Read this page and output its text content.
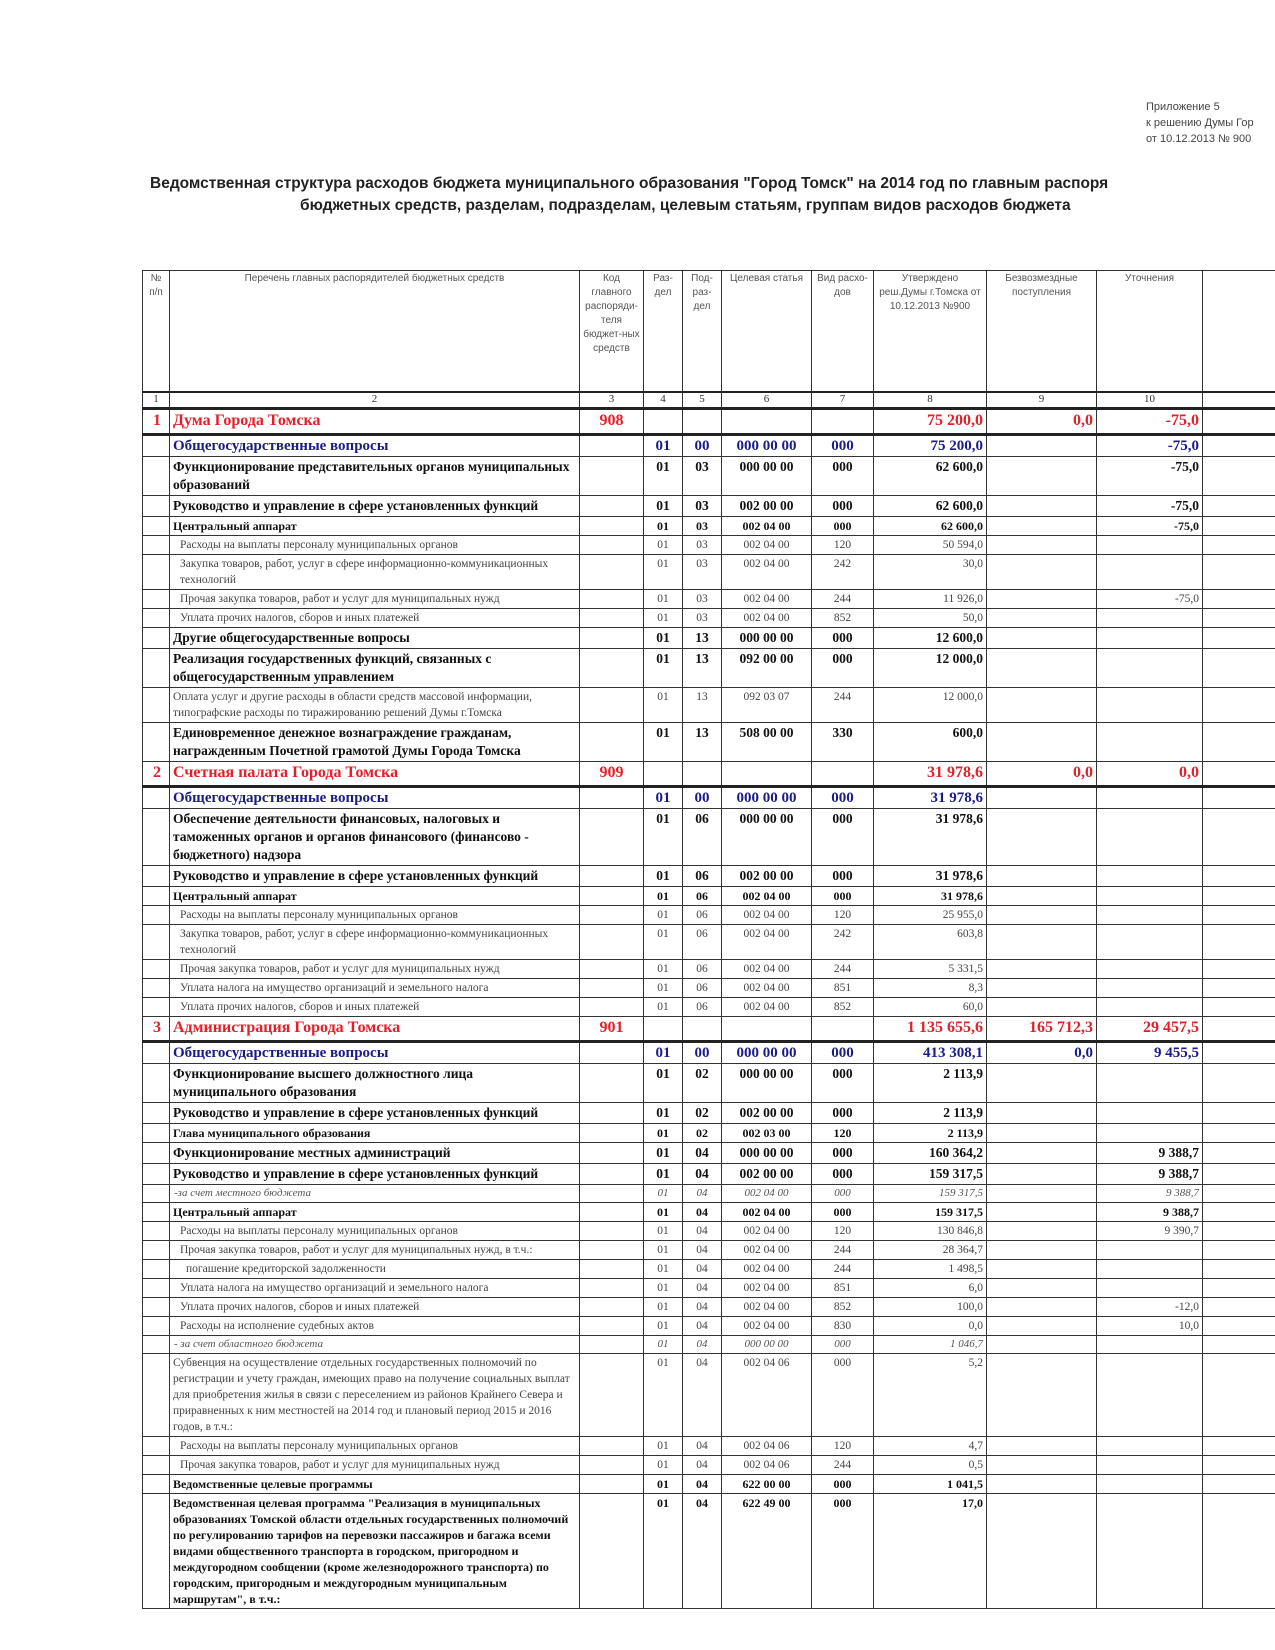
Приложение 5
к решению Думы Гор
от 10.12.2013 № 900
Ведомственная структура расходов бюджета муниципального образования "Город Томск" на 2014 год по главным распоря
бюджетных средств, разделам, подразделам, целевым статьям, группам видов расходов бюджета
№ п/п	Перечень главных распорядителей бюджетных средств	Код главного распоряди-теля бюджет-ных средств	Раз-дел	Под-раз-дел	Целевая статья	Вид расхо-дов	Утверждено реш.Думы г.Томска от 10.12.2013 №900	Безвозмездные поступления	Уточнения	
1	2	3	4	5	6	7	8	9	10	
1	Дума Города Томска	908					75 200,0	0,0	-75,0	
	Общегосударственные вопросы		01	00	000 00 00	000	75 200,0		-75,0	
	Функционирование представительных органов муниципальных образований		01	03	000 00 00	000	62 600,0		-75,0	
	Руководство и управление в сфере установленных функций		01	03	002 00 00	000	62 600,0		-75,0	
	Центральный аппарат		01	03	002 04 00	000	62 600,0		-75,0	
	Расходы на выплаты персоналу муниципальных органов		01	03	002 04 00	120	50 594,0			
	Закупка товаров, работ, услуг в сфере информационно-коммуникационных технологий		01	03	002 04 00	242	30,0			
	Прочая закупка товаров, работ и услуг для муниципальных нужд		01	03	002 04 00	244	11 926,0		-75,0	
	Уплата прочих налогов, сборов и иных платежей		01	03	002 04 00	852	50,0			
	Другие общегосударственные вопросы		01	13	000 00 00	000	12 600,0			
	Реализация государственных функций, связанных с общегосударственным управлением		01	13	092 00 00	000	12 000,0			
	Оплата услуг и другие расходы в области средств массовой информации, типографские расходы по тиражированию решений Думы г.Томска		01	13	092 03 07	244	12 000,0			
	Единовременное денежное вознаграждение гражданам, награжденным Почетной грамотой Думы Города Томска		01	13	508 00 00	330	600,0			
2	Счетная палата Города Томска	909					31 978,6	0,0	0,0	
	Общегосударственные вопросы		01	00	000 00 00	000	31 978,6			
	Обеспечение деятельности финансовых, налоговых и таможенных органов и органов финансового (финансово - бюджетного) надзора		01	06	000 00 00	000	31 978,6			
	Руководство и управление в сфере установленных функций		01	06	002 00 00	000	31 978,6			
	Центральный аппарат		01	06	002 04 00	000	31 978,6			
	Расходы на выплаты персоналу муниципальных органов		01	06	002 04 00	120	25 955,0			
	Закупка товаров, работ, услуг в сфере информационно-коммуникационных технологий		01	06	002 04 00	242	603,8			
	Прочая закупка товаров, работ и услуг для муниципальных нужд		01	06	002 04 00	244	5 331,5			
	Уплата налога на имущество организаций и земельного налога		01	06	002 04 00	851	8,3			
	Уплата прочих налогов, сборов и иных платежей		01	06	002 04 00	852	60,0			
3	Администрация Города Томска	901					1 135 655,6	165 712,3	29 457,5	
	Общегосударственные вопросы		01	00	000 00 00	000	413 308,1	0,0	9 455,5	
	Функционирование высшего должностного лица муниципального образования		01	02	000 00 00	000	2 113,9			
	Руководство и управление в сфере установленных функций		01	02	002 00 00	000	2 113,9			
	Глава муниципального образования		01	02	002 03 00	120	2 113,9			
	Функционирование местных администраций		01	04	000 00 00	000	160 364,2		9 388,7	
	Руководство и управление в сфере установленных функций		01	04	002 00 00	000	159 317,5		9 388,7	
	-за счет местного бюджета		01	04	002 04 00	000	159 317,5		9 388,7	
	Центральный аппарат		01	04	002 04 00	000	159 317,5		9 388,7	
	Расходы на выплаты персоналу муниципальных органов		01	04	002 04 00	120	130 846,8		9 390,7	
	Прочая закупка товаров, работ и услуг для муниципальных нужд, в т.ч.:		01	04	002 04 00	244	28 364,7			
	погашение кредиторской задолженности		01	04	002 04 00	244	1 498,5			
	Уплата налога на имущество организаций и земельного налога		01	04	002 04 00	851	6,0			
	Уплата прочих налогов, сборов и иных платежей		01	04	002 04 00	852	100,0		-12,0	
	Расходы на исполнение судебных актов		01	04	002 04 00	830	0,0		10,0	
	- за счет областного бюджета		01	04	000 00 00	000	1 046,7			
	Субвенция на осуществление отдельных государственных полномочий по регистрации и учету граждан, имеющих право на получение социальных выплат для приобретения жилья в связи с переселением из районов Крайнего Севера и приравненных к ним местностей на 2014 год и плановый период 2015 и 2016 годов, в т.ч.:		01	04	002 04 06	000	5,2			
	Расходы на выплаты персоналу муниципальных органов		01	04	002 04 06	120	4,7			
	Прочая закупка товаров, работ и услуг для муниципальных нужд		01	04	002 04 06	244	0,5			
	Ведомственные целевые программы		01	04	622 00 00	000	1 041,5			
	Ведомственная целевая программа "Реализация в муниципальных образованиях Томской области отдельных государственных полномочий по регулированию тарифов на перевозки пассажиров и багажа всеми видами общественного транспорта в городском, пригородном и междугородном сообщении (кроме железнодорожного транспорта) по городским, пригородным и междугородным муниципальным маршрутам", в т.ч.:		01	04	622 49 00	000	17,0			
